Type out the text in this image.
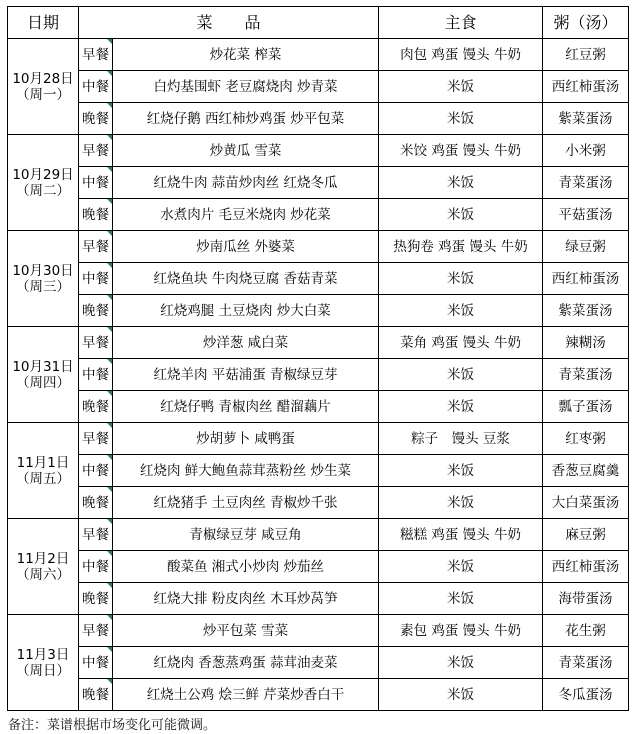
日期	菜　　品		主食	粥（汤）

10月28日
（周一）	早餐	炒花菜 榨菜	肉包 鸡蛋 馒头 牛奶	红豆粥
	中餐	白灼基围虾 老豆腐烧肉 炒青菜	米饭	西红柿蛋汤
	晚餐	红烧仔鹅 西红柿炒鸡蛋 炒平包菜	米饭	紫菜蛋汤

10月29日
（周二）	早餐	炒黄瓜 雪菜	米饺 鸡蛋 馒头 牛奶	小米粥
	中餐	红烧牛肉 蒜苗炒肉丝 红烧冬瓜	米饭	青菜蛋汤
	晚餐	水煮肉片 毛豆米烧肉 炒花菜	米饭	平菇蛋汤

10月30日
（周三）	早餐	炒南瓜丝 外婆菜	热狗卷 鸡蛋 馒头 牛奶	绿豆粥
	中餐	红烧鱼块 牛肉烧豆腐 香菇青菜	米饭	西红柿蛋汤
	晚餐	红烧鸡腿 土豆烧肉 炒大白菜	米饭	紫菜蛋汤

10月31日
（周四）	早餐	炒洋葱 咸白菜	菜角 鸡蛋 馒头 牛奶	辣糊汤
	中餐	红烧羊肉 平菇浦蛋 青椒绿豆芽	米饭	青菜蛋汤
	晚餐	红烧仔鸭 青椒肉丝 醋溜藕片	米饭	瓢子蛋汤

11月1日
（周五）	早餐	炒胡萝卜 咸鸭蛋	粽子　馒头 豆浆	红枣粥
	中餐	红烧肉 鲜大鲍鱼蒜茸蒸粉丝 炒生菜	米饭	香葱豆腐羹
	晚餐	红烧猪手 土豆肉丝 青椒炒千张	米饭	大白菜蛋汤

11月2日
（周六）	早餐	青椒绿豆芽 咸豆角	糍糕 鸡蛋 馒头 牛奶	麻豆粥
	中餐	酸菜鱼 湘式小炒肉 炒茄丝	米饭	西红柿蛋汤
	晚餐	红烧大排 粉皮肉丝 木耳炒莴笋	米饭	海带蛋汤

11月3日
（周日）	早餐	炒平包菜 雪菜	素包 鸡蛋 馒头 牛奶	花生粥
	中餐	红烧肉 香葱蒸鸡蛋 蒜茸油麦菜	米饭	青菜蛋汤
	晚餐	红烧土公鸡 烩三鲜 芹菜炒香白干	米饭	冬瓜蛋汤
备注：菜谱根据市场变化可能微调。
